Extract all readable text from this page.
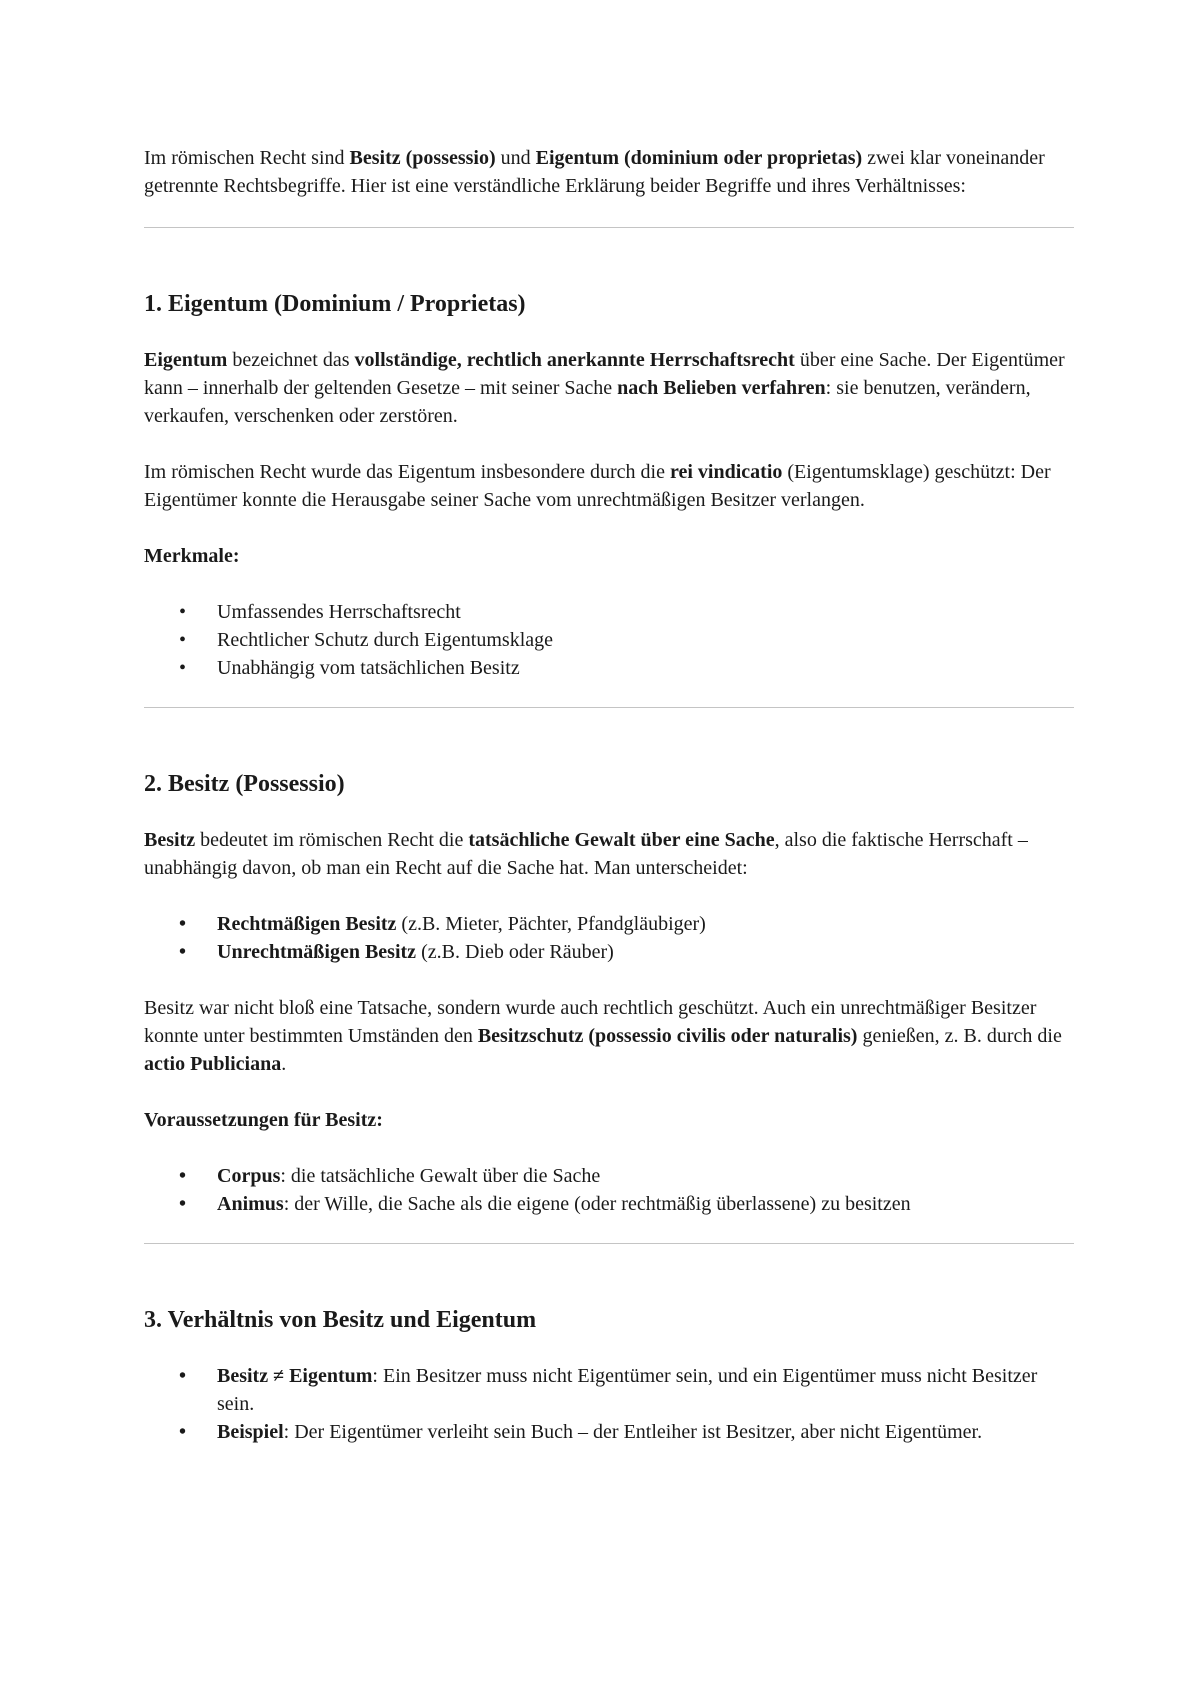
Im römischen Recht sind Besitz (possessio) und Eigentum (dominium oder proprietas) zwei klar voneinander getrennte Rechtsbegriffe. Hier ist eine verständliche Erklärung beider Begriffe und ihres Verhältnisses:

1. Eigentum (Dominium / Proprietas)

Eigentum bezeichnet das vollständige, rechtlich anerkannte Herrschaftsrecht über eine Sache. Der Eigentümer kann – innerhalb der geltenden Gesetze – mit seiner Sache nach Belieben verfahren: sie benutzen, verändern, verkaufen, verschenken oder zerstören.

Im römischen Recht wurde das Eigentum insbesondere durch die rei vindicatio (Eigentumsklage) geschützt: Der Eigentümer konnte die Herausgabe seiner Sache vom unrechtmäßigen Besitzer verlangen.

Merkmale:

• Umfassendes Herrschaftsrecht
• Rechtlicher Schutz durch Eigentumsklage
• Unabhängig vom tatsächlichen Besitz
2. Besitz (Possessio)

Besitz bedeutet im römischen Recht die tatsächliche Gewalt über eine Sache, also die faktische Herrschaft – unabhängig davon, ob man ein Recht auf die Sache hat. Man unterscheidet:

• Rechtmäßigen Besitz (z.B. Mieter, Pächter, Pfandgläubiger)
• Unrechtmäßigen Besitz (z.B. Dieb oder Räuber)

Besitz war nicht bloß eine Tatsache, sondern wurde auch rechtlich geschützt. Auch ein unrechtmäßiger Besitzer konnte unter bestimmten Umständen den Besitzschutz (possessio civilis oder naturalis) genießen, z. B. durch die actio Publiciana.

Voraussetzungen für Besitz:

• Corpus: die tatsächliche Gewalt über die Sache
• Animus: der Wille, die Sache als die eigene (oder rechtmäßig überlassene) zu besitzen
3. Verhältnis von Besitz und Eigentum
• Besitz ≠ Eigentum: Ein Besitzer muss nicht Eigentümer sein, und ein Eigentümer muss nicht Besitzer sein.
• Beispiel: Der Eigentümer verleiht sein Buch – der Entleiher ist Besitzer, aber nicht Eigentümer.
